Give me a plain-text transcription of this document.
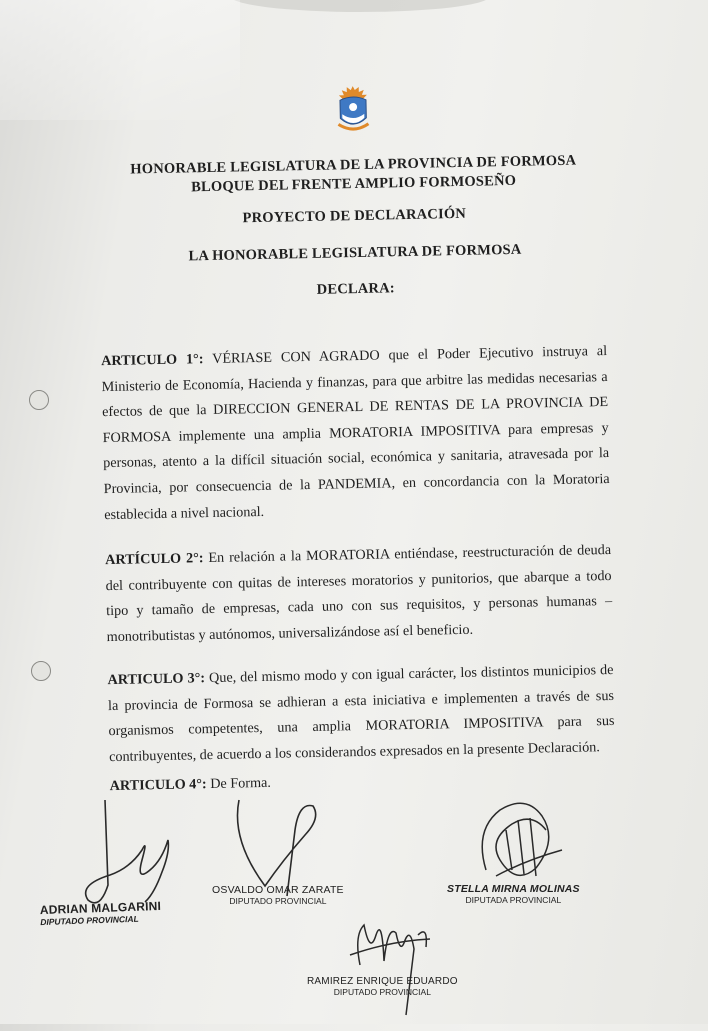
HONORABLE LEGISLATURA DE LA PROVINCIA DE FORMOSA
BLOQUE DEL FRENTE AMPLIO FORMOSEÑO
PROYECTO DE DECLARACIÓN
LA HONORABLE LEGISLATURA DE FORMOSA
DECLARA:
ARTICULO 1°: VÉRIASE CON AGRADO que el Poder Ejecutivo instruya al Ministerio de Economía, Hacienda y finanzas, para que arbitre las medidas necesarias a efectos de que la DIRECCION GENERAL DE RENTAS DE LA PROVINCIA DE FORMOSA implemente una amplia MORATORIA IMPOSITIVA para empresas y personas, atento a la difícil situación social, económica y sanitaria, atravesada por la Provincia, por consecuencia de la PANDEMIA, en concordancia con la Moratoria establecida a nivel nacional.
ARTÍCULO 2°: En relación a la MORATORIA entiéndase, reestructuración de deuda del contribuyente con quitas de intereses moratorios y punitorios, que abarque a todo tipo y tamaño de empresas, cada uno con sus requisitos, y personas humanas – monotributistas y autónomos, universalizándose así el beneficio.
ARTICULO 3°: Que, del mismo modo y con igual carácter, los distintos municipios de la provincia de Formosa se adhieran a esta iniciativa e implementen a través de sus organismos competentes, una amplia MORATORIA IMPOSITIVA para sus contribuyentes, de acuerdo a los considerandos expresados en la presente Declaración.
ARTICULO 4°: De Forma.
ADRIAN MALGARINI
DIPUTADO PROVINCIAL
OSVALDO OMAR ZARATE
DIPUTADO PROVINCIAL
STELLA MIRNA MOLINAS
DIPUTADA PROVINCIAL
RAMIREZ ENRIQUE EDUARDO
DIPUTADO PROVINCIAL
